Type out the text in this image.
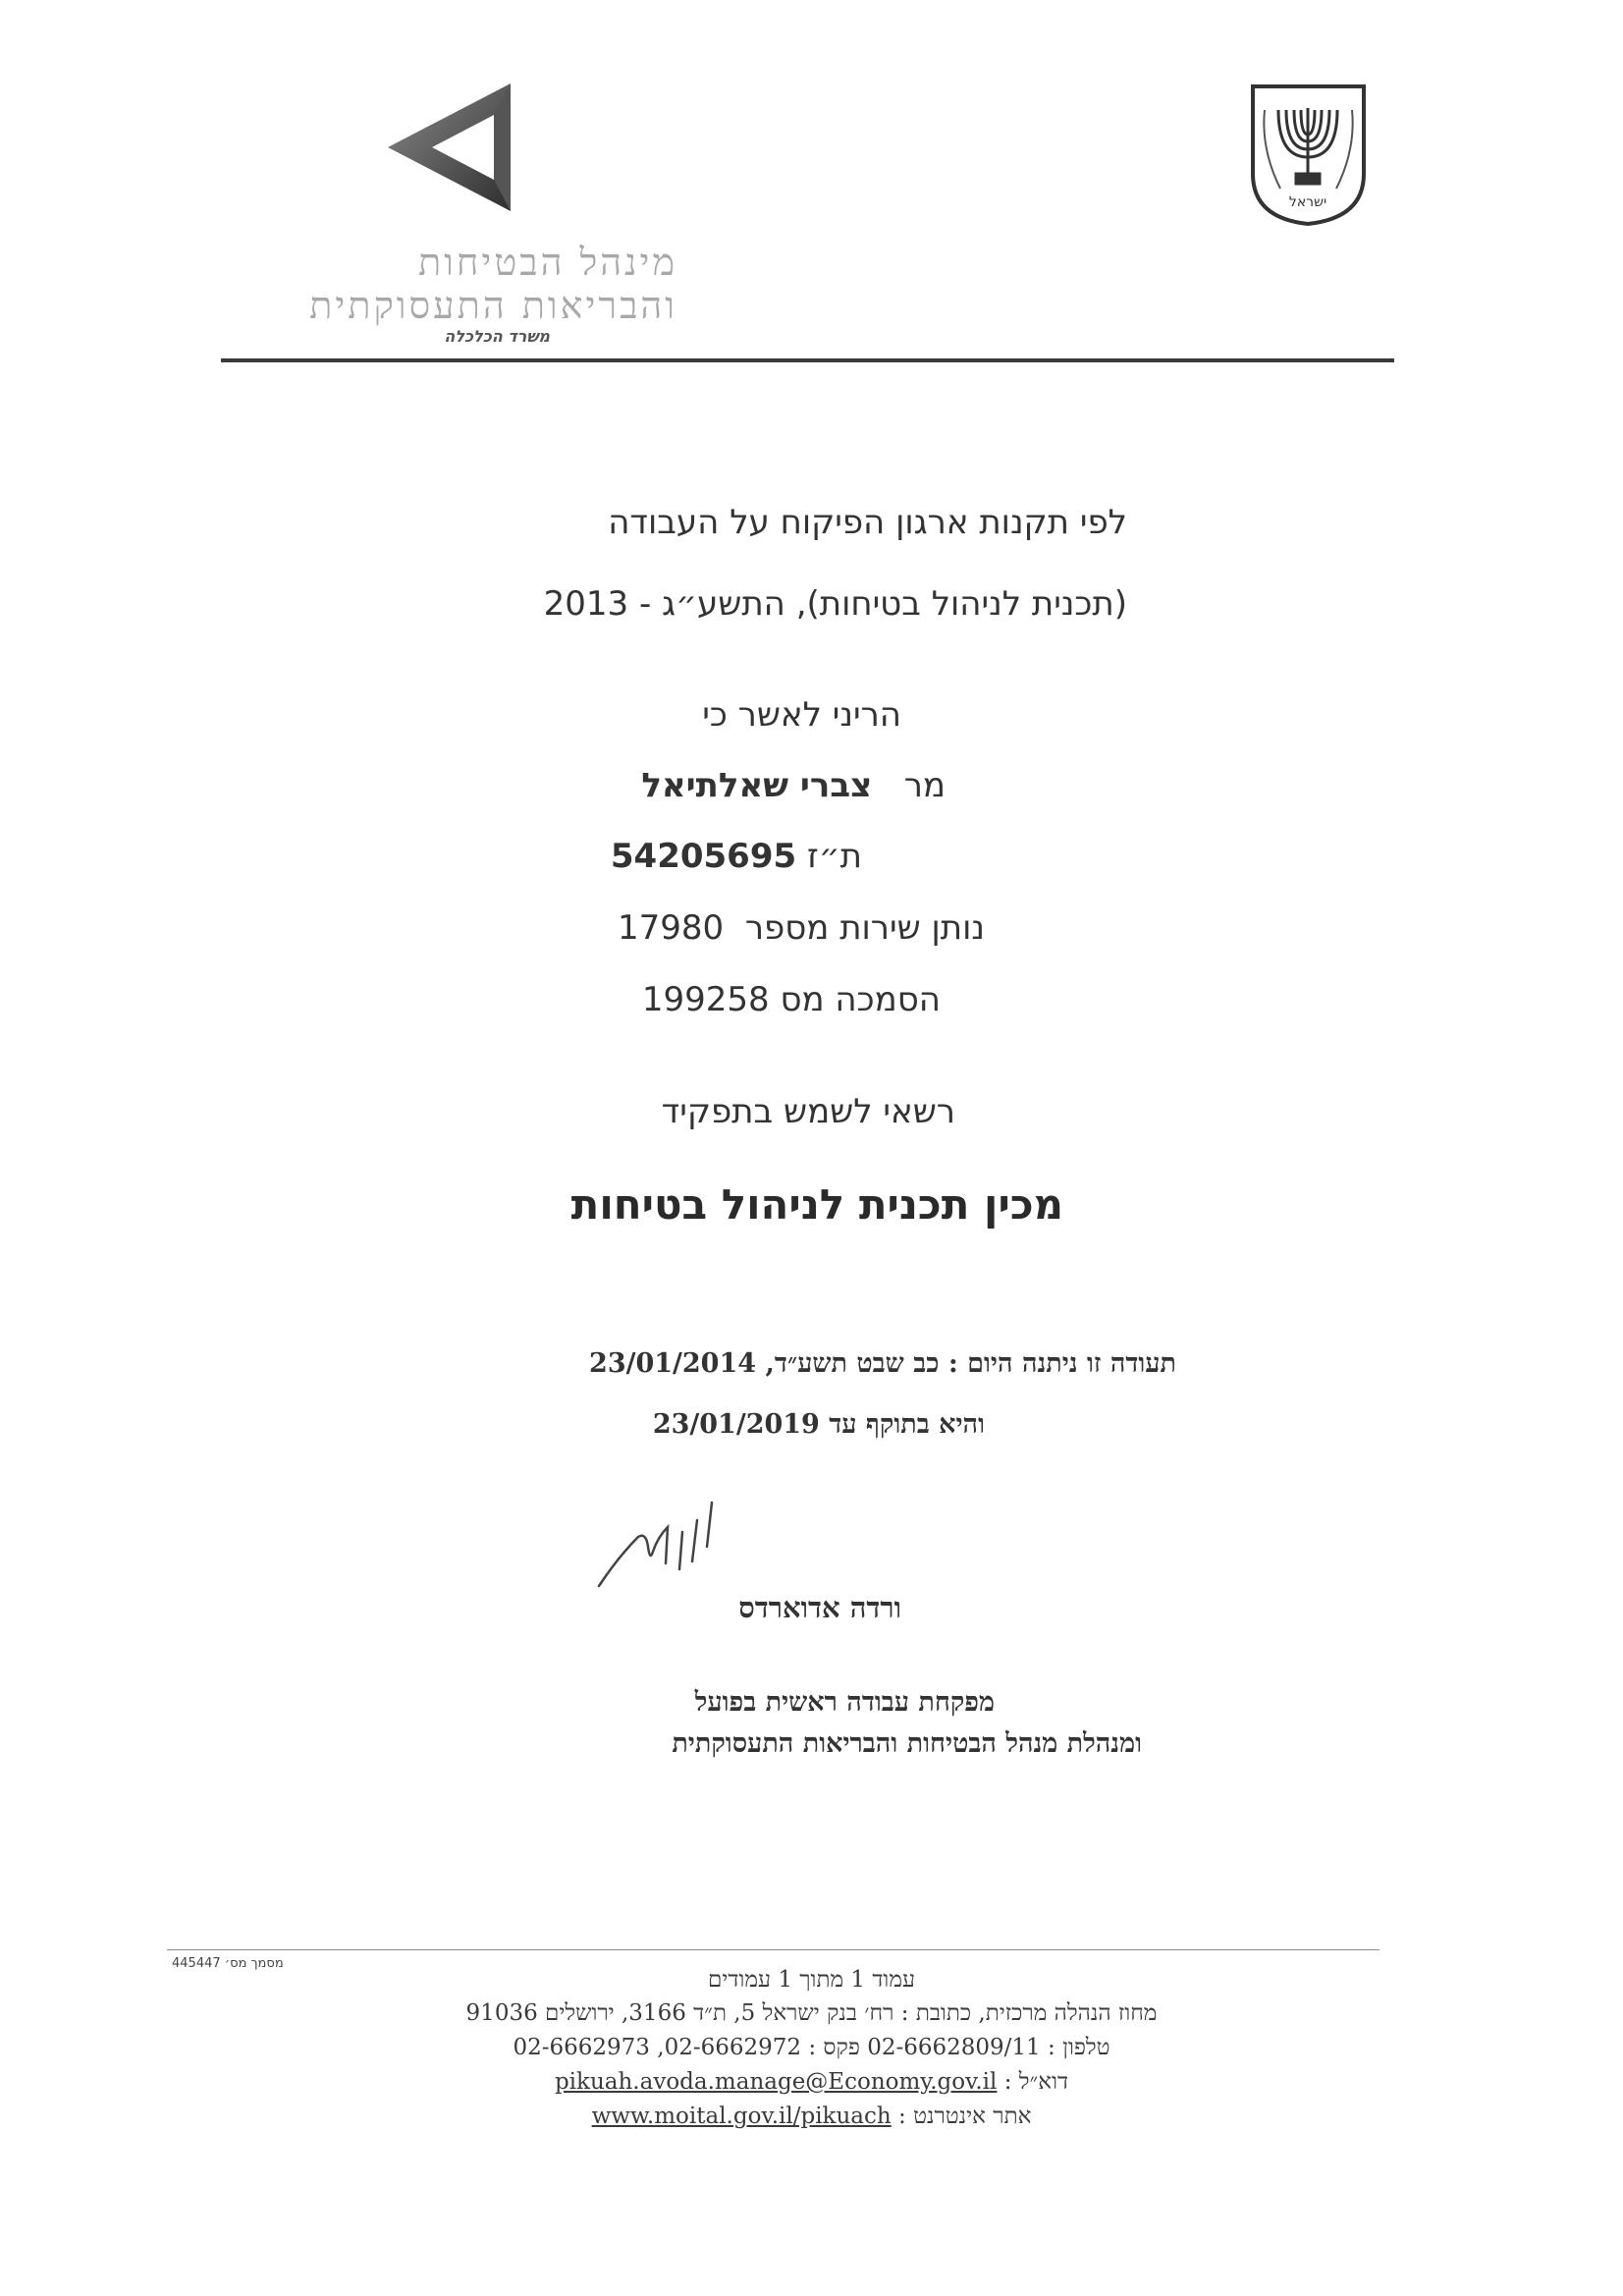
מינהל הבטיחות
והבריאות התעסוקתית
משרד הכלכלה
ישראל
לפי תקנות ארגון הפיקוח על העבודה
(תכנית לניהול בטיחות), התשע״ג - 2013
הריני לאשר כי
מר   צברי שאלתיאל
ת״ז 54205695
נותן שירות מספר  17980
הסמכה מס 199258
רשאי לשמש בתפקיד
מכין תכנית לניהול בטיחות
תעודה זו ניתנה היום : כב שבט תשע״ד, 23/01/2014
והיא בתוקף עד 23/01/2019
ורדה אדוארדס
מפקחת עבודה ראשית בפועל
ומנהלת מנהל הבטיחות והבריאות התעסוקתית
מסמך מס׳ 445447
עמוד 1 מתוך 1 עמודים
מחוז הנהלה מרכזית, כתובת : רח׳ בנק ישראל 5, ת״ד 3166, ירושלים 91036
טלפון : 02-6662809/11 פקס : 02-6662972, 02-6662973
דוא״ל : pikuah.avoda.manage@Economy.gov.il
אתר אינטרנט : www.moital.gov.il/pikuach
